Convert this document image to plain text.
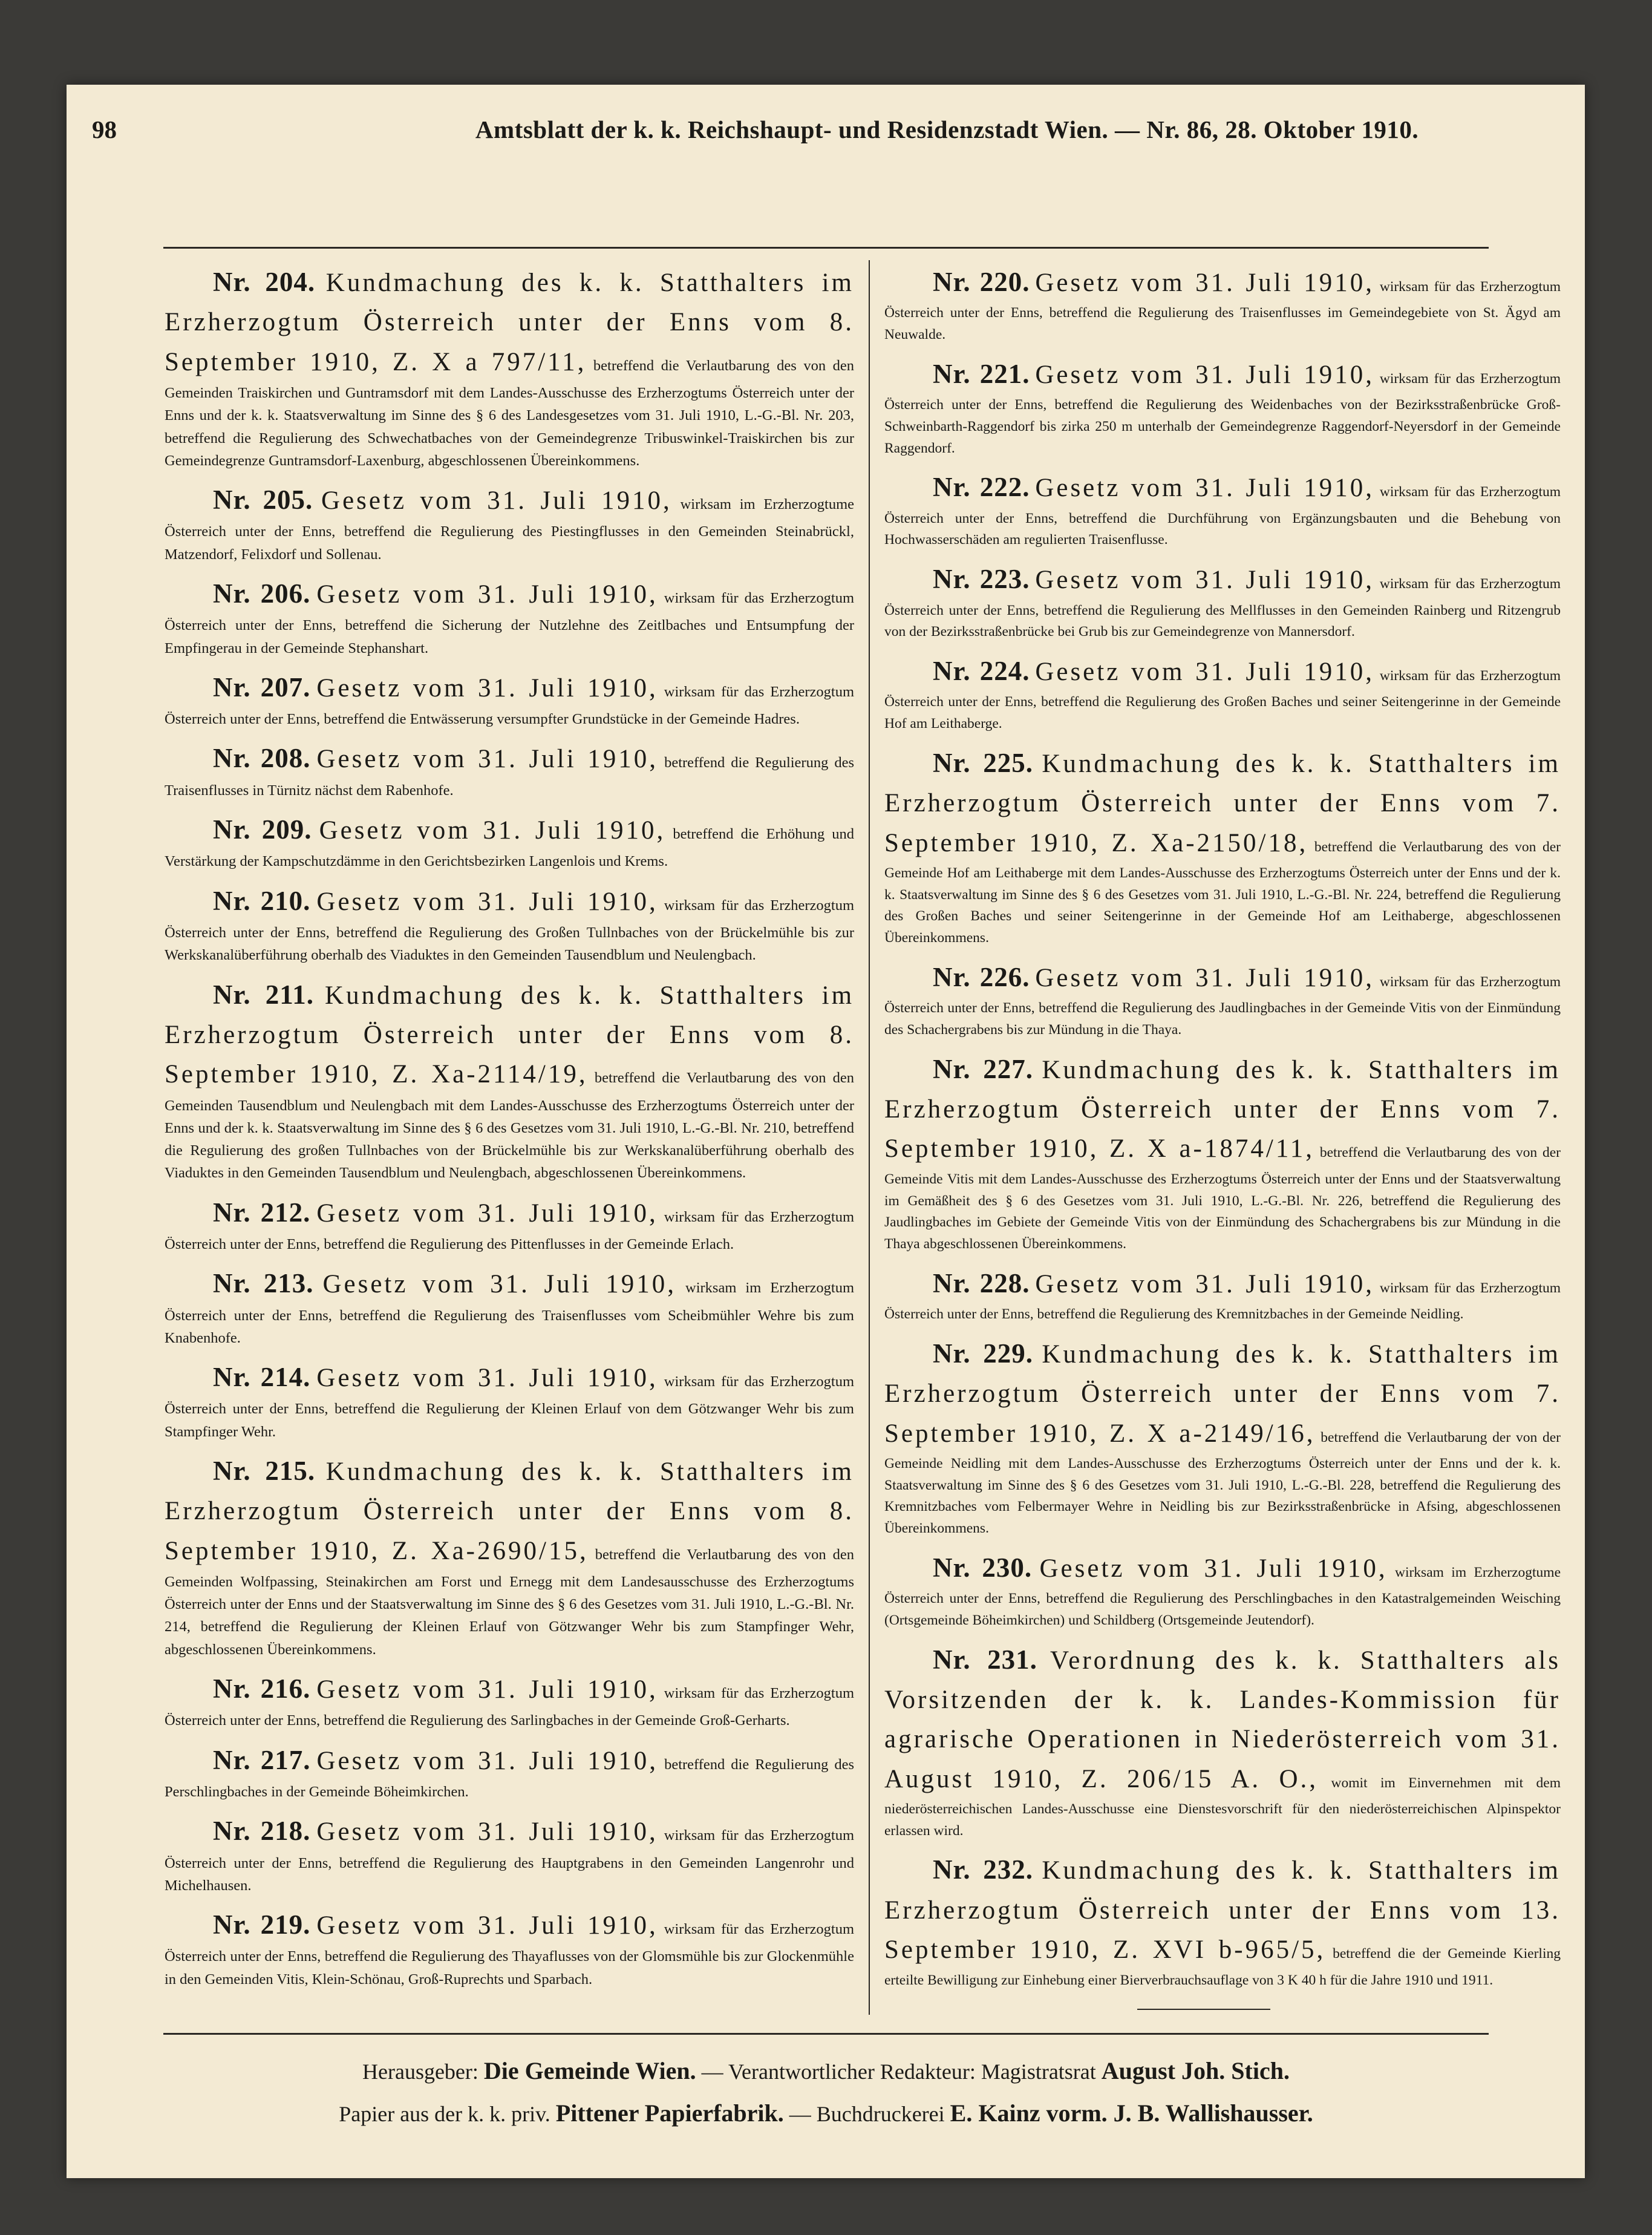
98	Amtsblatt der k. k. Reichshaupt- und Residenzstadt Wien. — Nr. 86, 28. Oktober 1910.

Nr. 204. Kundmachung des k. k. Statthalters im Erzherzogtum Österreich unter der Enns vom 8. September 1910, Z. X a 797/11, betreffend die Verlautbarung des von den Gemeinden Traiskirchen und Guntramsdorf mit dem Landes-Ausschusse des Erzherzogtums Österreich unter der Enns und der k. k. Staatsverwaltung im Sinne des § 6 des Landesgesetzes vom 31. Juli 1910, L.-G.-Bl. Nr. 203, betreffend die Regulierung des Schwechatbaches von der Gemeindegrenze Tribuswinkel-Traiskirchen bis zur Gemeindegrenze Guntramsdorf-Laxenburg, abgeschlossenen Übereinkommens.

Nr. 205. Gesetz vom 31. Juli 1910, wirksam im Erzherzogtume Österreich unter der Enns, betreffend die Regulierung des Piestingflusses in den Gemeinden Steinabrückl, Matzendorf, Felixdorf und Sollenau.

Nr. 206. Gesetz vom 31. Juli 1910, wirksam für das Erzherzogtum Österreich unter der Enns, betreffend die Sicherung der Nutzlehne des Zeitlbaches und Entsumpfung der Empfingerau in der Gemeinde Stephanshart.

Nr. 207. Gesetz vom 31. Juli 1910, wirksam für das Erzherzogtum Österreich unter der Enns, betreffend die Entwässerung versumpfter Grundstücke in der Gemeinde Hadres.

Nr. 208. Gesetz vom 31. Juli 1910, betreffend die Regulierung des Traisenflusses in Türnitz nächst dem Rabenhofe.

Nr. 209. Gesetz vom 31. Juli 1910, betreffend die Erhöhung und Verstärkung der Kampschutzdämme in den Gerichtsbezirken Langenlois und Krems.

Nr. 210. Gesetz vom 31. Juli 1910, wirksam für das Erzherzogtum Österreich unter der Enns, betreffend die Regulierung des Großen Tullnbaches von der Brückelmühle bis zur Werkskanalüberführung oberhalb des Viaduktes in den Gemeinden Tausendblum und Neulengbach.

Nr. 211. Kundmachung des k. k. Statthalters im Erzherzogtum Österreich unter der Enns vom 8. September 1910, Z. Xa-2114/19, betreffend die Verlautbarung des von den Gemeinden Tausendblum und Neulengbach mit dem Landes-Ausschusse des Erzherzogtums Österreich unter der Enns und der k. k. Staatsverwaltung im Sinne des § 6 des Gesetzes vom 31. Juli 1910, L.-G.-Bl. Nr. 210, betreffend die Regulierung des großen Tullnbaches von der Brückelmühle bis zur Werkskanalüberführung oberhalb des Viaduktes in den Gemeinden Tausendblum und Neulengbach, abgeschlossenen Übereinkommens.

Nr. 212. Gesetz vom 31. Juli 1910, wirksam für das Erzherzogtum Österreich unter der Enns, betreffend die Regulierung des Pittenflusses in der Gemeinde Erlach.

Nr. 213. Gesetz vom 31. Juli 1910, wirksam im Erzherzogtum Österreich unter der Enns, betreffend die Regulierung des Traisenflusses vom Scheibmühler Wehre bis zum Knabenhofe.

Nr. 214. Gesetz vom 31. Juli 1910, wirksam für das Erzherzogtum Österreich unter der Enns, betreffend die Regulierung der Kleinen Erlauf von dem Götzwanger Wehr bis zum Stampfinger Wehr.

Nr. 215. Kundmachung des k. k. Statthalters im Erzherzogtum Österreich unter der Enns vom 8. September 1910, Z. Xa-2690/15, betreffend die Verlautbarung des von den Gemeinden Wolfpassing, Steinakirchen am Forst und Ernegg mit dem Landesausschusse des Erzherzogtums Österreich unter der Enns und der Staatsverwaltung im Sinne des § 6 des Gesetzes vom 31. Juli 1910, L.-G.-Bl. Nr. 214, betreffend die Regulierung der Kleinen Erlauf von Götzwanger Wehr bis zum Stampfinger Wehr, abgeschlossenen Übereinkommens.

Nr. 216. Gesetz vom 31. Juli 1910, wirksam für das Erzherzogtum Österreich unter der Enns, betreffend die Regulierung des Sarlingbaches in der Gemeinde Groß-Gerharts.

Nr. 217. Gesetz vom 31. Juli 1910, betreffend die Regulierung des Perschlingbaches in der Gemeinde Böheimkirchen.

Nr. 218. Gesetz vom 31. Juli 1910, wirksam für das Erzherzogtum Österreich unter der Enns, betreffend die Regulierung des Hauptgrabens in den Gemeinden Langenrohr und Michelhausen.

Nr. 219. Gesetz vom 31. Juli 1910, wirksam für das Erzherzogtum Österreich unter der Enns, betreffend die Regulierung des Thayaflusses von der Glomsmühle bis zur Glockenmühle in den Gemeinden Vitis, Klein-Schönau, Groß-Ruprechts und Sparbach.

Nr. 220. Gesetz vom 31. Juli 1910, wirksam für das Erzherzogtum Österreich unter der Enns, betreffend die Regulierung des Traisenflusses im Gemeindegebiete von St. Ägyd am Neuwalde.

Nr. 221. Gesetz vom 31. Juli 1910, wirksam für das Erzherzogtum Österreich unter der Enns, betreffend die Regulierung des Weidenbaches von der Bezirksstraßenbrücke Groß-Schweinbarth-Raggendorf bis zirka 250 m unterhalb der Gemeindegrenze Raggendorf-Neyersdorf in der Gemeinde Raggendorf.

Nr. 222. Gesetz vom 31. Juli 1910, wirksam für das Erzherzogtum Österreich unter der Enns, betreffend die Durchführung von Ergänzungsbauten und die Behebung von Hochwasserschäden am regulierten Traisenflusse.

Nr. 223. Gesetz vom 31. Juli 1910, wirksam für das Erzherzogtum Österreich unter der Enns, betreffend die Regulierung des Mellflusses in den Gemeinden Rainberg und Ritzengrub von der Bezirksstraßenbrücke bei Grub bis zur Gemeindegrenze von Mannersdorf.

Nr. 224. Gesetz vom 31. Juli 1910, wirksam für das Erzherzogtum Österreich unter der Enns, betreffend die Regulierung des Großen Baches und seiner Seitengerinne in der Gemeinde Hof am Leithaberge.

Nr. 225. Kundmachung des k. k. Statthalters im Erzherzogtum Österreich unter der Enns vom 7. September 1910, Z. Xa-2150/18, betreffend die Verlautbarung des von der Gemeinde Hof am Leithaberge mit dem Landes-Ausschusse des Erzherzogtums Österreich unter der Enns und der k. k. Staatsverwaltung im Sinne des § 6 des Gesetzes vom 31. Juli 1910, L.-G.-Bl. Nr. 224, betreffend die Regulierung des Großen Baches und seiner Seitengerinne in der Gemeinde Hof am Leithaberge, abgeschlossenen Übereinkommens.

Nr. 226. Gesetz vom 31. Juli 1910, wirksam für das Erzherzogtum Österreich unter der Enns, betreffend die Regulierung des Jaudlingbaches in der Gemeinde Vitis von der Einmündung des Schachergrabens bis zur Mündung in die Thaya.

Nr. 227. Kundmachung des k. k. Statthalters im Erzherzogtum Österreich unter der Enns vom 7. September 1910, Z. X a-1874/11, betreffend die Verlautbarung des von der Gemeinde Vitis mit dem Landes-Ausschusse des Erzherzogtums Österreich unter der Enns und der Staatsverwaltung im Gemäßheit des § 6 des Gesetzes vom 31. Juli 1910, L.-G.-Bl. Nr. 226, betreffend die Regulierung des Jaudlingbaches im Gebiete der Gemeinde Vitis von der Einmündung des Schachergrabens bis zur Mündung in die Thaya abgeschlossenen Übereinkommens.

Nr. 228. Gesetz vom 31. Juli 1910, wirksam für das Erzherzogtum Österreich unter der Enns, betreffend die Regulierung des Kremnitzbaches in der Gemeinde Neidling.

Nr. 229. Kundmachung des k. k. Statthalters im Erzherzogtum Österreich unter der Enns vom 7. September 1910, Z. X a-2149/16, betreffend die Verlautbarung der von der Gemeinde Neidling mit dem Landes-Ausschusse des Erzherzogtums Österreich unter der Enns und der k. k. Staatsverwaltung im Sinne des § 6 des Gesetzes vom 31. Juli 1910, L.-G.-Bl. 228, betreffend die Regulierung des Kremnitzbaches vom Felbermayer Wehre in Neidling bis zur Bezirksstraßenbrücke in Afsing, abgeschlossenen Übereinkommens.

Nr. 230. Gesetz vom 31. Juli 1910, wirksam im Erzherzogtume Österreich unter der Enns, betreffend die Regulierung des Perschlingbaches in den Katastralgemeinden Weisching (Ortsgemeinde Böheimkirchen) und Schildberg (Ortsgemeinde Jeutendorf).

Nr. 231. Verordnung des k. k. Statthalters als Vorsitzenden der k. k. Landes-Kommission für agrarische Operationen in Niederösterreich vom 31. August 1910, Z. 206/15 A. O., womit im Einvernehmen mit dem niederösterreichischen Landes-Ausschusse eine Dienstesvorschrift für den niederösterreichischen Alpinspektor erlassen wird.

Nr. 232. Kundmachung des k. k. Statthalters im Erzherzogtum Österreich unter der Enns vom 13. September 1910, Z. XVI b-965/5, betreffend die der Gemeinde Kierling erteilte Bewilligung zur Einhebung einer Bierverbrauchsauflage von 3 K 40 h für die Jahre 1910 und 1911.

Herausgeber: Die Gemeinde Wien. — Verantwortlicher Redakteur: Magistratsrat August Joh. Stich.
Papier aus der k. k. priv. Pittener Papierfabrik. — Buchdruckerei E. Kainz vorm. J. B. Wallishausser.
